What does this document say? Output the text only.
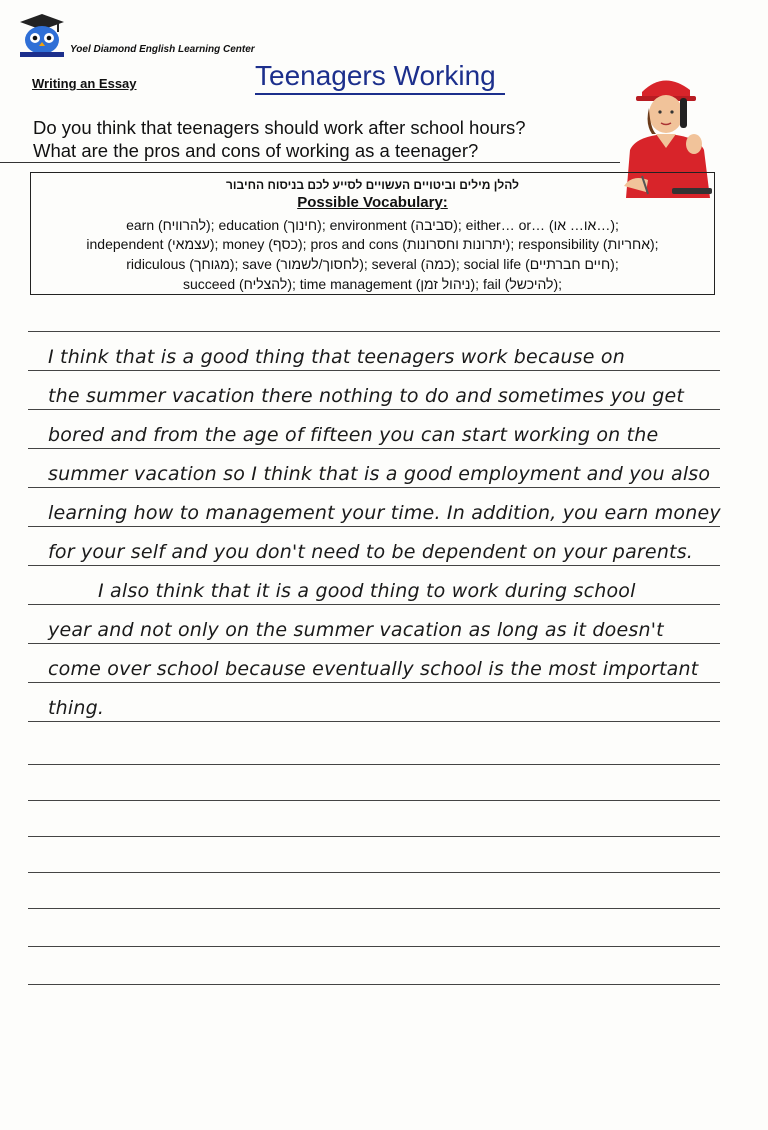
Yoel Diamond English Learning Center
Writing an Essay	Teenagers Working
Do you think that teenagers should work after school hours?
What are the pros and cons of working as a teenager?
להלן מילים וביטויים העשויים לסייע לכם בניסוח החיבור
Possible Vocabulary:
earn (להרוויח); education (חינוך); environment (סביבה); either… or… (או… או…);
independent (עצמאי); money (כסף); pros and cons (יתרונות וחסרונות); responsibility (אחריות);
ridiculous (מגוחך); save (לחסוך/לשמור); several (כמה); social life (חיים חברתיים);
succeed (להצליח); time management (ניהול זמן); fail (להיכשל);
I think that is a good thing that teenagers work because on
the summer vacation there nothing to do and sometimes you get
bored and from the age of fifteen you can start working on the
summer vacation so I think that is a good employment and you also
learning how to management your time. In addition, you earn money
for your self and you don't need to be dependent on your parents.
I also think that it is a good thing to work during school
year and not only on the summer vacation as long as it doesn't
come over school because eventually school is the most important
thing.
